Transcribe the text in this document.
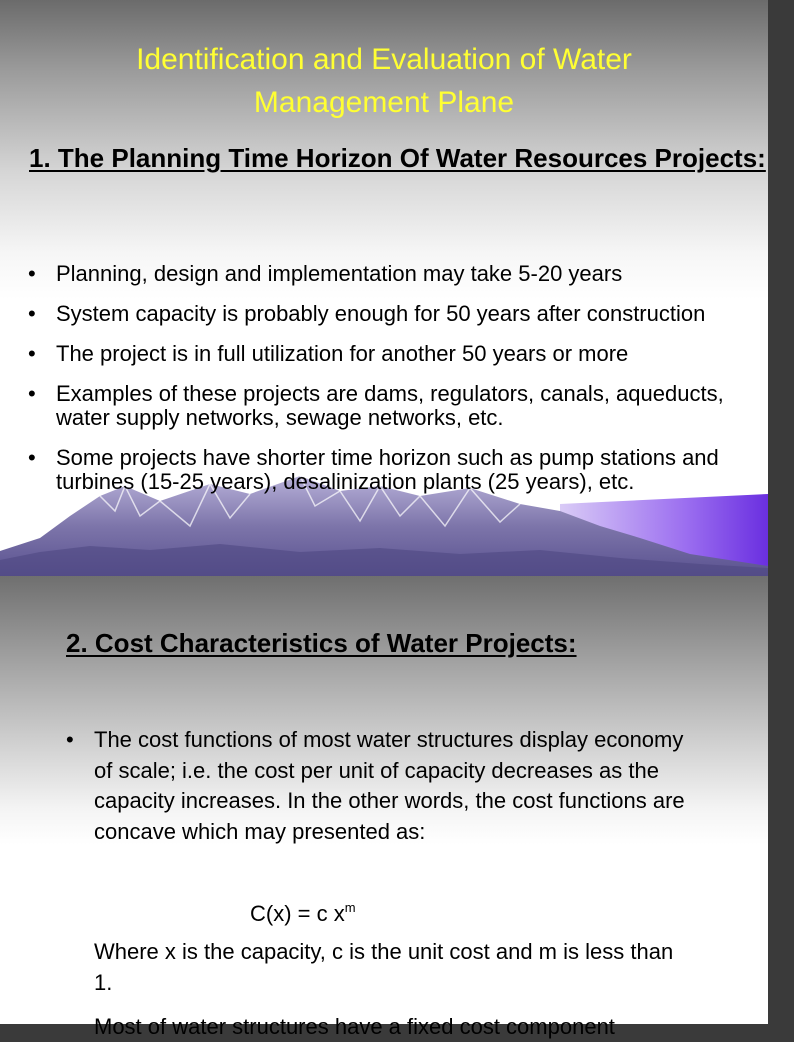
Identification and Evaluation of Water
Management Plane
1. The Planning Time Horizon Of Water Resources Projects:
• Planning, design and implementation may take 5-20 years
• System capacity is probably enough for 50 years after construction
• The project is in full utilization for another 50 years or more
• Examples of these projects are dams, regulators, canals, aqueducts, water supply networks, sewage networks, etc.
• Some projects have shorter time horizon such as pump stations and turbines (15-25 years), desalinization plants (25 years), etc.
2. Cost Characteristics of Water Projects:
• The cost functions of most water structures display economy of scale; i.e. the cost per unit of capacity decreases as the capacity increases. In the other words, the cost functions are concave which may presented as:
C(x) = c $x^m$
Where x is the capacity, c is the unit cost and m is less than 1.
Most of water structures have a fixed cost component
